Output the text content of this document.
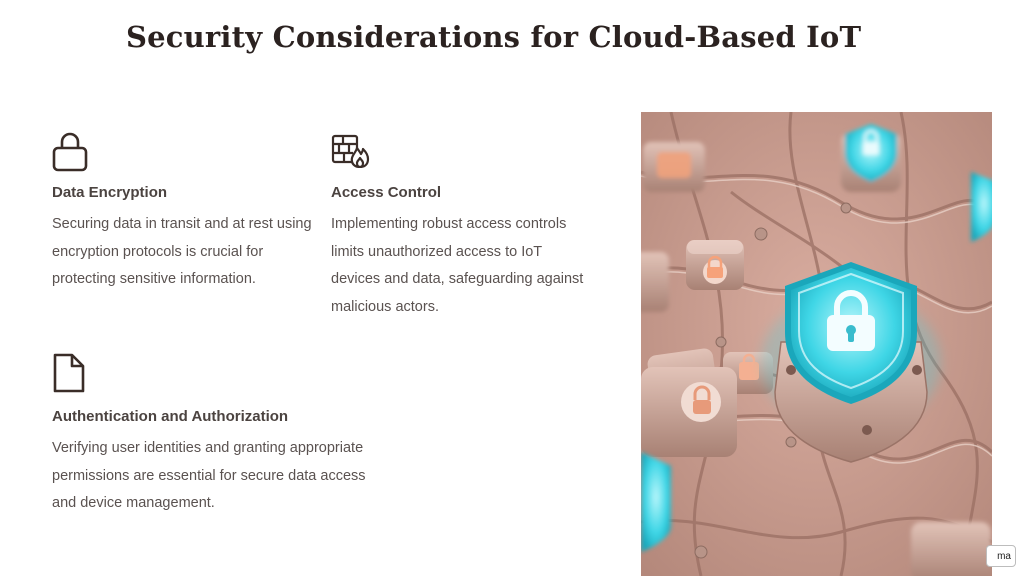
Security Considerations for Cloud-Based IoT
Data Encryption

Securing data in transit and at rest using encryption protocols is crucial for protecting sensitive information.

Access Control

Implementing robust access controls limits unauthorized access to IoT devices and data, safeguarding against malicious actors.

Authentication and Authorization

Verifying user identities and granting appropriate permissions are essential for secure data access and device management.

ma
